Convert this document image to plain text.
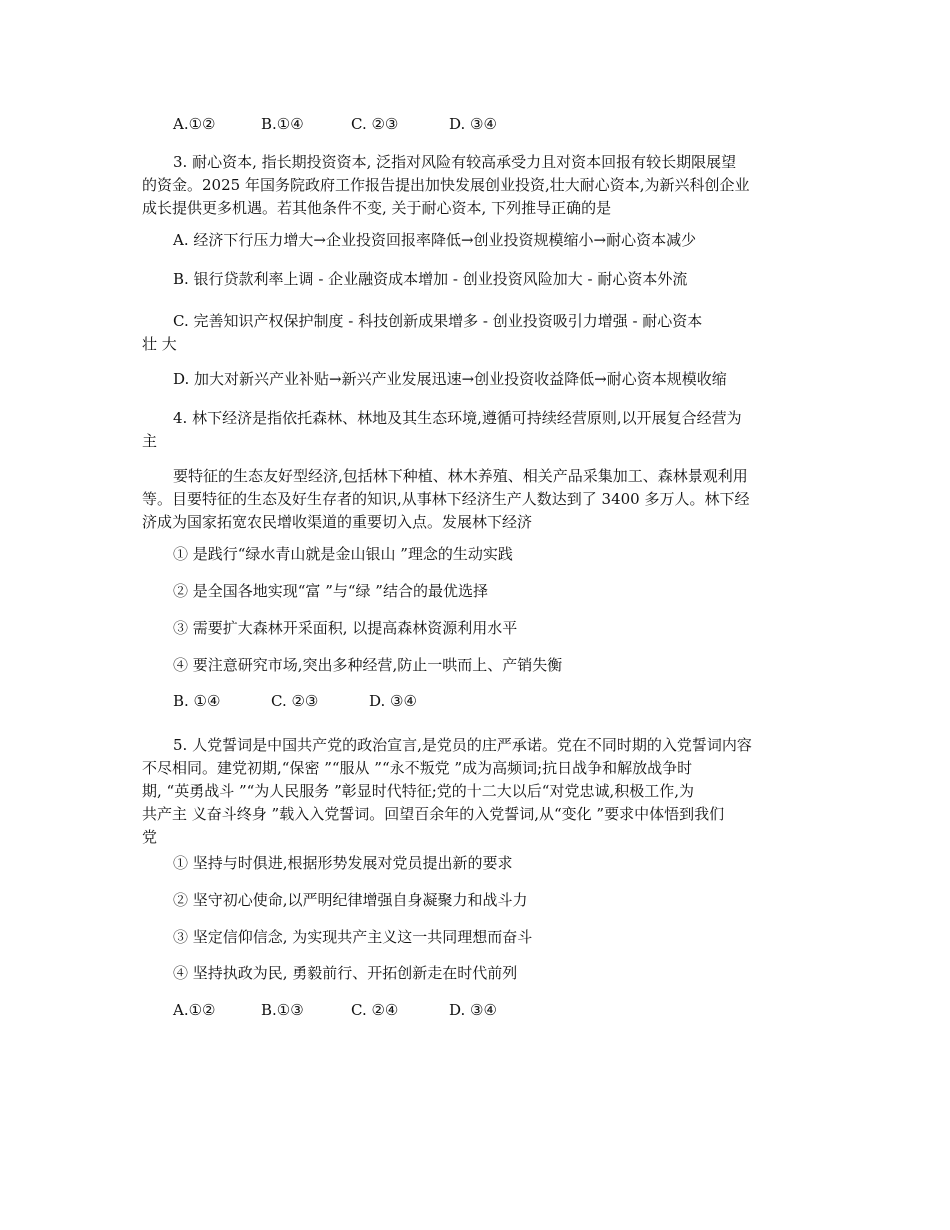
A.①②	B.①④	C. ②③	D. ③④
3. 耐心资本, 指长期投资资本, 泛指对风险有较高承受力且对资本回报有较长期限展望
的资金。2025 年国务院政府工作报告提出加快发展创业投资,壮大耐心资本,为新兴科创企业
成长提供更多机遇。若其他条件不变, 关于耐心资本, 下列推导正确的是
A. 经济下行压力增大→企业投资回报率降低→创业投资规模缩小→耐心资本减少
B. 银行贷款利率上调 - 企业融资成本增加 - 创业投资风险加大 - 耐心资本外流
C. 完善知识产权保护制度 - 科技创新成果增多 - 创业投资吸引力增强 - 耐心资本
壮 大
D. 加大对新兴产业补贴→新兴产业发展迅速→创业投资收益降低→耐心资本规模收缩
4. 林下经济是指依托森林、林地及其生态环境,遵循可持续经营原则,以开展复合经营为
主
要特征的生态友好型经济,包括林下种植、林木养殖、相关产品采集加工、森林景观利用
等。目要特征的生态及好生存者的知识,从事林下经济生产人数达到了 3400 多万人。林下经
济成为国家拓宽农民增收渠道的重要切入点。发展林下经济
① 是践行“绿水青山就是金山银山 ”理念的生动实践
② 是全国各地实现“富 ”与“绿 ”结合的最优选择
③ 需要扩大森林开采面积, 以提高森林资源利用水平
④ 要注意研究市场,突出多种经营,防止一哄而上、产销失衡
B. ①④	C. ②③	D. ③④
5. 人党誓词是中国共产党的政治宣言,是党员的庄严承诺。党在不同时期的入党誓词内容
不尽相同。建党初期,“保密 ”“服从 ”“永不叛党 ”成为高频词;抗日战争和解放战争时
期, “英勇战斗 ”“为人民服务 ”彰显时代特征;党的十二大以后“对党忠诚,积极工作,为
共产主 义奋斗终身 ”载入入党誓词。回望百余年的入党誓词,从“变化 ”要求中体悟到我们
党
① 坚持与时俱进,根据形势发展对党员提出新的要求
② 坚守初心使命,以严明纪律增强自身凝聚力和战斗力
③ 坚定信仰信念, 为实现共产主义这一共同理想而奋斗
④ 坚持执政为民, 勇毅前行、开拓创新走在时代前列
A.①②	B.①③	C. ②④	D. ③④
